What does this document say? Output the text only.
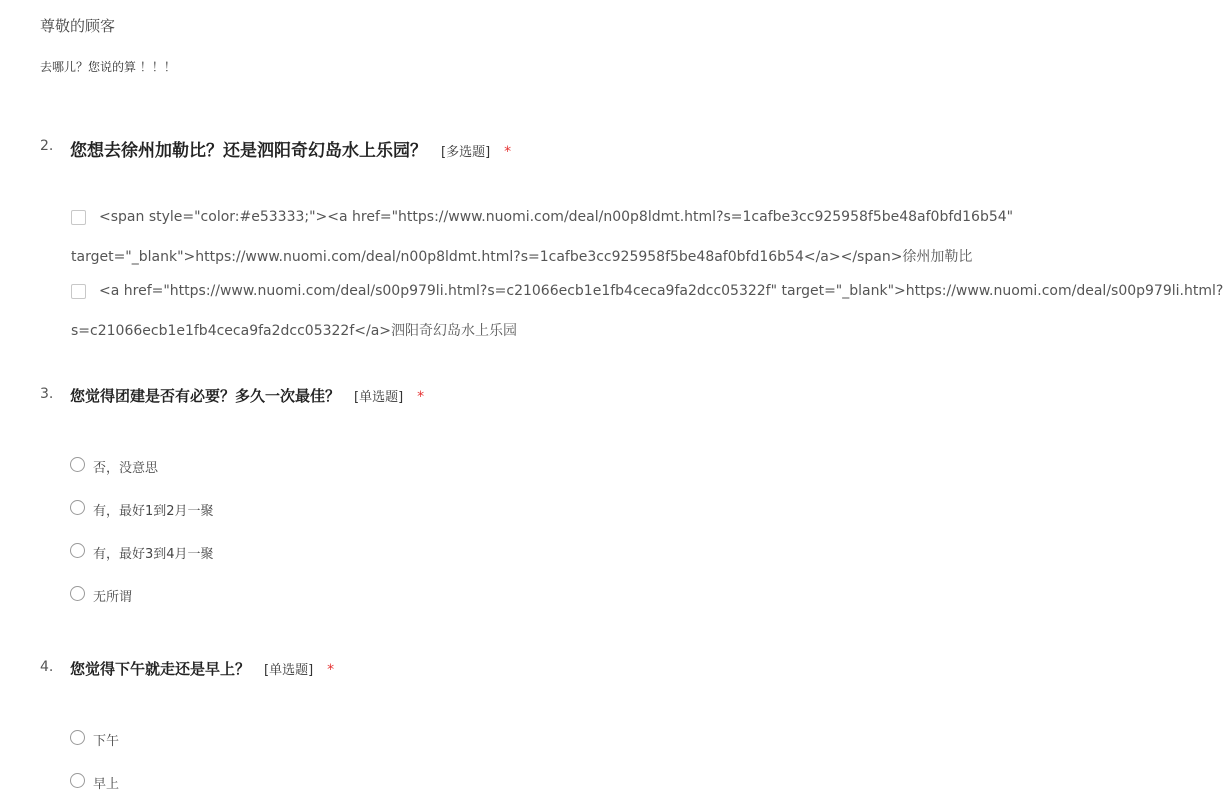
尊敬的顾客
去哪儿？您说的算 ！！！
2. 您想去徐州加勒比？还是泗阳奇幻岛水上乐园？ [多选题] *
<span style="color:#e53333;"><a href="https://www.nuomi.com/deal/n00p8ldmt.html?s=1cafbe3cc925958f5be48af0bfd16b54"
target="_blank">https://www.nuomi.com/deal/n00p8ldmt.html?s=1cafbe3cc925958f5be48af0bfd16b54</a></span>徐州加勒比
<a href="https://www.nuomi.com/deal/s00p979li.html?s=c21066ecb1e1fb4ceca9fa2dcc05322f" target="_blank">https://www.nuomi.com/deal/s00p979li.html?
s=c21066ecb1e1fb4ceca9fa2dcc05322f</a>泗阳奇幻岛水上乐园
3. 您觉得团建是否有必要？多久一次最佳？ [单选题] *
否，没意思
有，最好1到2月一聚
有，最好3到4月一聚
无所谓
4. 您觉得下午就走还是早上？ [单选题] *
下午
早上
